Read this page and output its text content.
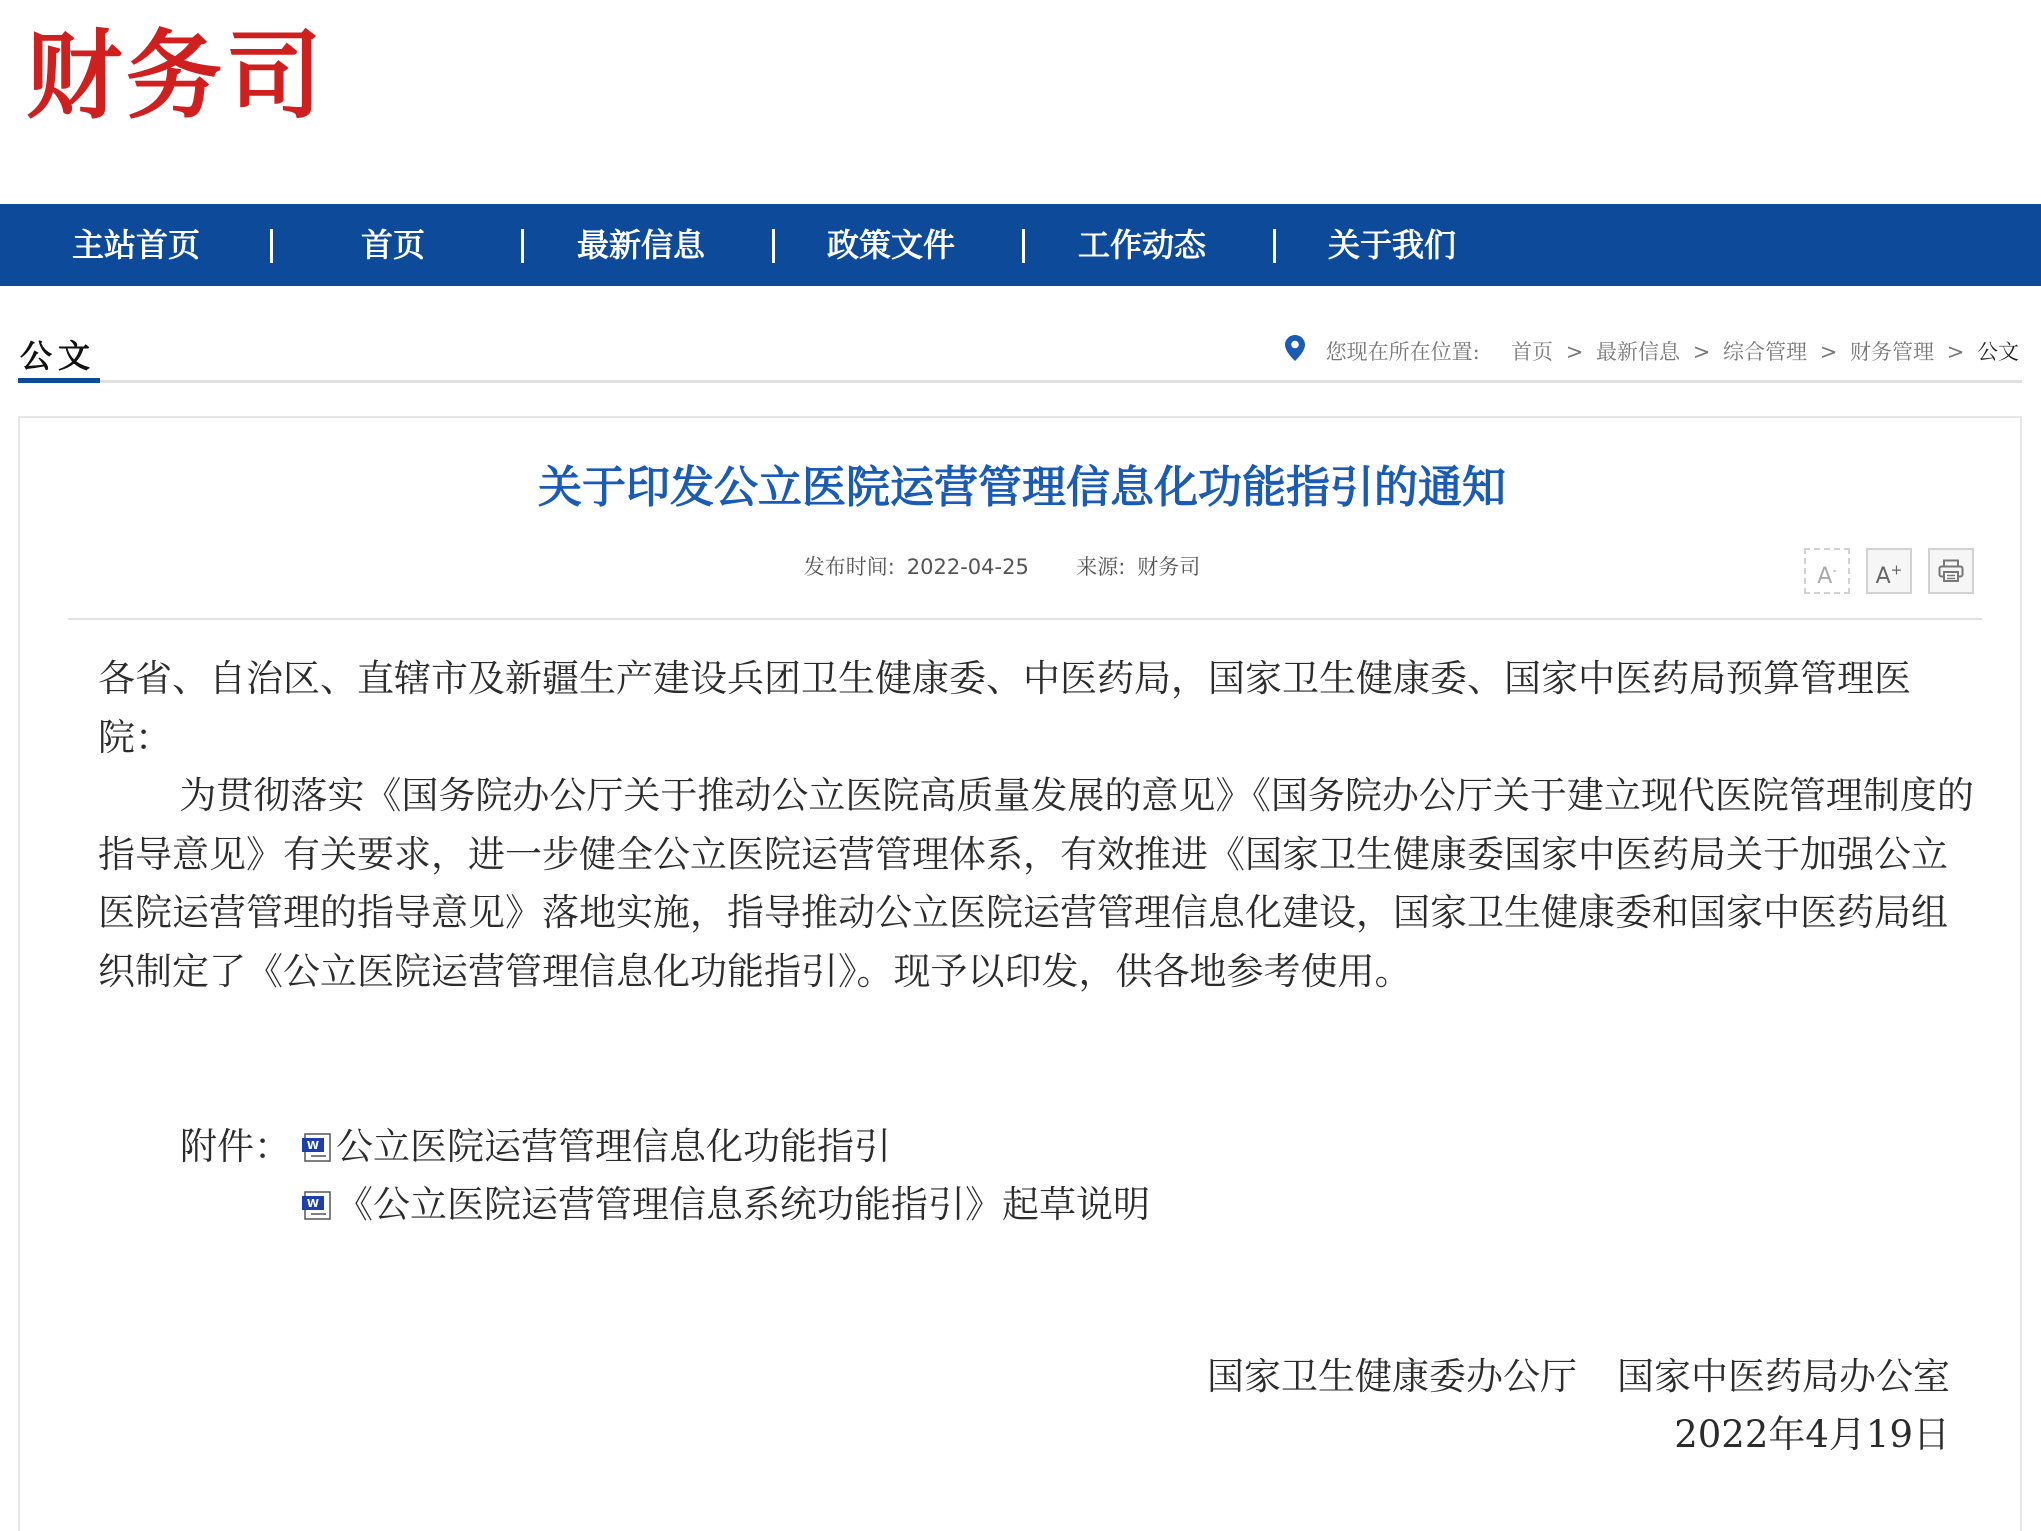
财务司
主站首页	首页	最新信息	政策文件	工作动态	关于我们
公文	您现在所在位置: 首页 > 最新信息 > 综合管理 > 财务管理 > 公文
关于印发公立医院运营管理信息化功能指引的通知
发布时间: 2022-04-25 来源: 财务司	A-	A+

各省、自治区、直辖市及新疆生产建设兵团卫生健康委、中医药局，国家卫生健康委、国家中医药局预算管理医院：

为贯彻落实《国务院办公厅关于推动公立医院高质量发展的意见》《国务院办公厅关于建立现代医院管理制度的指导意见》有关要求，进一步健全公立医院运营管理体系，有效推进《国家卫生健康委国家中医药局关于加强公立医院运营管理的指导意见》落地实施，指导推动公立医院运营管理信息化建设，国家卫生健康委和国家中医药局组织制定了《公立医院运营管理信息化功能指引》。现予以印发，供各地参考使用。

附件： W 公立医院运营管理信息化功能指引
W 《公立医院运营管理信息系统功能指引》起草说明
国家卫生健康委办公厅 国家中医药局办公室
2022年4月19日
